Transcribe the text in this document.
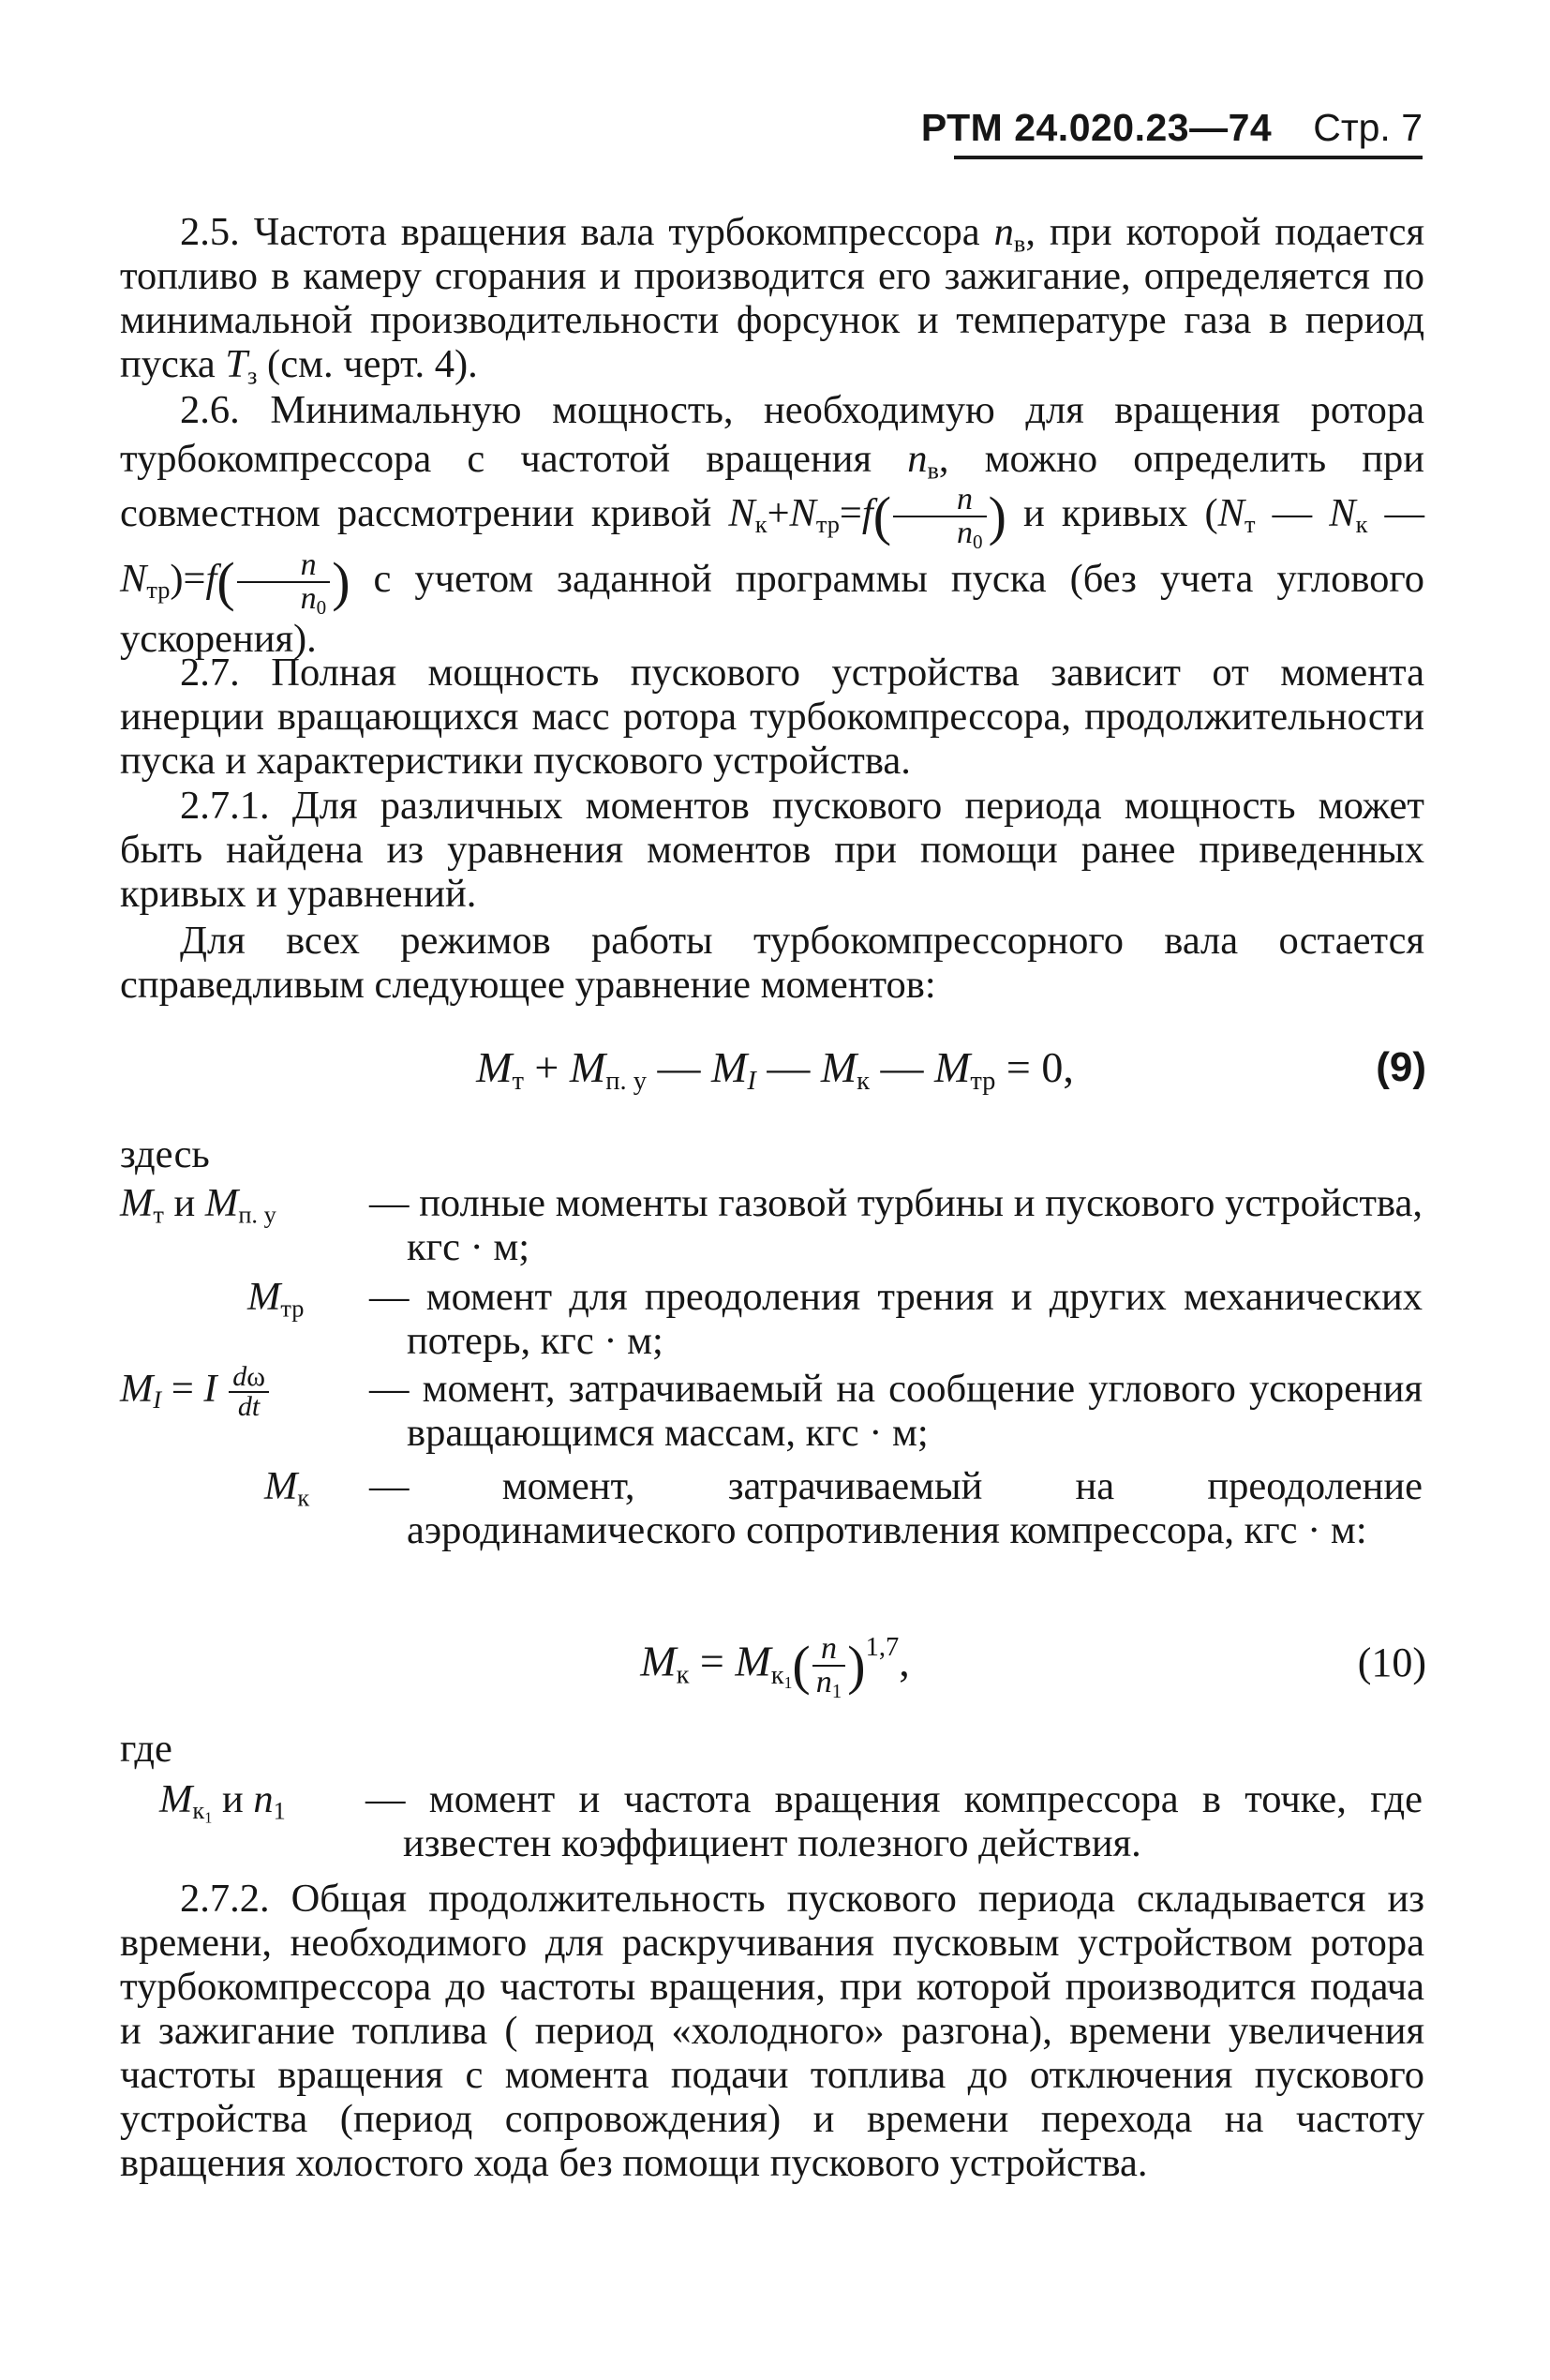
РТМ 24.020.23—74 Стр. 7

2.5. Частота вращения вала турбокомпрессора $n_в$, при которой подается топливо в камеру сгорания и производится его зажигание, определяется по минимальной производительности форсунок и температуре газа в период пуска $T_з$ (см. черт. 4).

2.6. Минимальную мощность, необходимую для вращения ротора турбокомпрессора с частотой вращения $n_в$, можно определить при совместном рассмотрении кривой $N_к+N_{тр}=f( \frac{n}{n_0}$ ) и кривых ($N_т$ — $N_к$ — $N_{тр})=f( \frac{n}{n_0}$ ) с учетом заданной программы пуска (без учета углового ускорения).

2.7. Полная мощность пускового устройства зависит от момента инерции вращающихся масс ротора турбокомпрессора, продолжительности пуска и характеристики пускового устройства.

2.7.1. Для различных моментов пускового периода мощность может быть найдена из уравнения моментов при помощи ранее приведенных кривых и уравнений.

Для всех режимов работы турбокомпрессорного вала остается справедливым следующее уравнение моментов:

$M_т + M_{п. у}$ — $M_I$ — $M_к$ — $M_{тр} = 0$,	(9)
здесь
$M_т$ и $M_{п. у}$ — полные моменты газовой турбины и пускового устройства, кгс · м;
$M_{тр}$ — момент для преодоления трения и других механических потерь, кгс · м;
$M_I = I \frac{d\omega}{dt}$	— момент, затрачиваемый на сообщение углового ускорения вращающимся массам, кгс · м;
$M_к$ — момент, затрачиваемый на преодоление аэродинамического сопротивления компрессора, кгс · м:
$M_к = M_{к_1}( \frac{n}{n_1} )^{1,7}$,	(10)
где
$M_{к_1}$ и $n_1$ — момент и частота вращения компрессора в точке, где известен коэффициент полезного действия.

2.7.2. Общая продолжительность пускового периода складывается из времени, необходимого для раскручивания пусковым устройством ротора турбокомпрессора до частоты вращения, при которой производится подача и зажигание топлива ( период «холодного» разгона), времени увеличения частоты вращения с момента подачи топлива до отключения пускового устройства (период сопровождения) и времени перехода на частоту вращения холостого хода без помощи пускового устройства.
